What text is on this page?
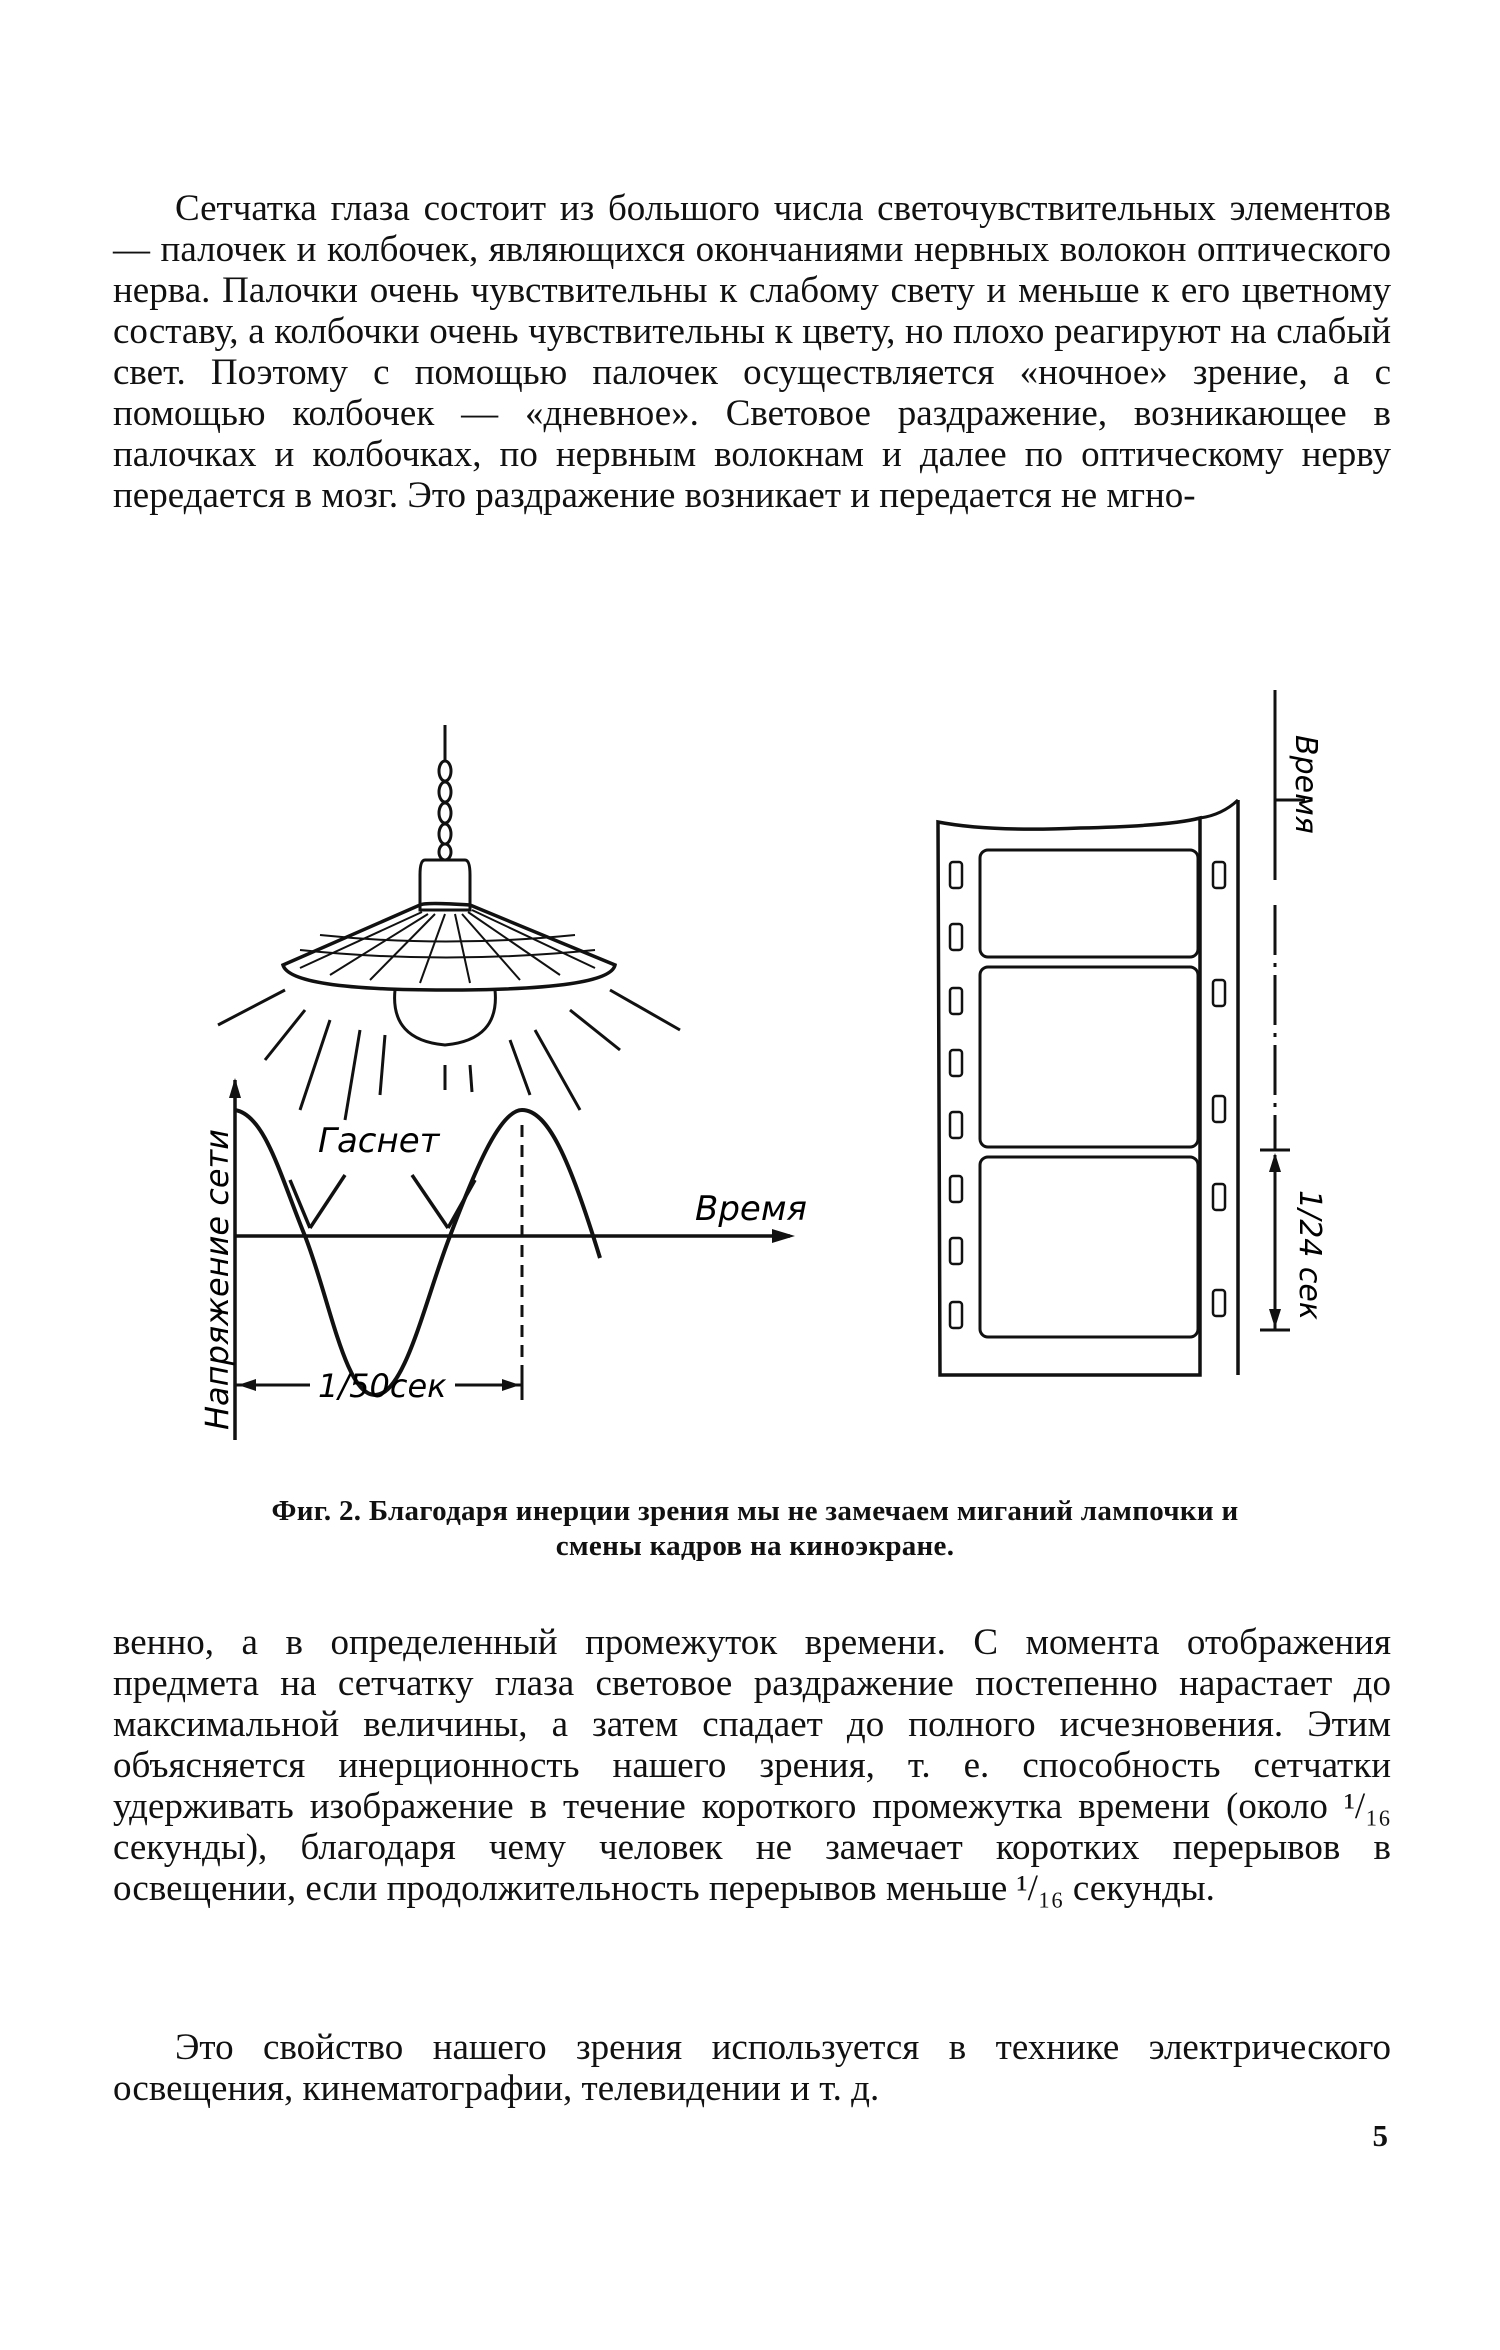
Сетчатка глаза состоит из большого числа светочувствительных элементов — палочек и колбочек, являющихся окончаниями нервных волокон оптического нерва. Палочки очень чувствительны к слабому свету и меньше к его цветному составу, а колбочки очень чувствительны к цвету, но плохо реагируют на слабый свет. Поэтому с помощью палочек осуществляется «ночное» зрение, а с помощью колбочек — «дневное». Световое раздражение, возникающее в палочках и колбочках, по нервным волокнам и далее по оптическому нерву передается в мозг. Это раздражение возникает и передается не мгно-

Гаснет
Напряжение сети	Время
1/50сек
Время
1/24 сек
Фиг. 2. Благодаря инерции зрения мы не замечаем миганий лампочки и
смены кадров на киноэкране.

венно, а в определенный промежуток времени. С момента отображения предмета на сетчатку глаза световое раздражение постепенно нарастает до максимальной величины, а затем спадает до полного исчезновения. Этим объясняется инерционность нашего зрения, т. е. способность сетчатки удерживать изображение в течение короткого промежутка времени (около ¹/₁₆ секунды), благодаря чему человек не замечает коротких перерывов в освещении, если продолжительность перерывов меньше ¹/₁₆ секунды.

Это свойство нашего зрения используется в технике электрического освещения, кинематографии, телевидении и т. д.

5
